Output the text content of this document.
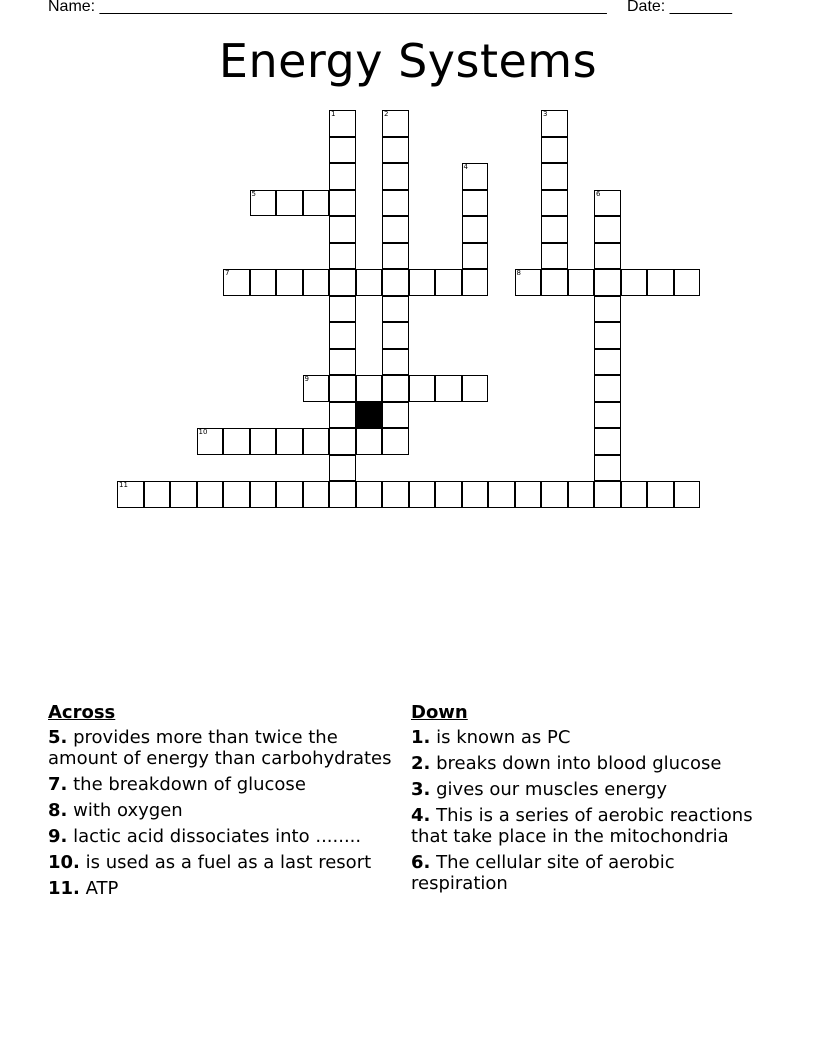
Name: _________________________________________________________ Date: _______
Energy Systems
1	2	3
4
6
5
7	8
9
10
11
Across
5. provides more than twice the amount of energy than carbohydrates
7. the breakdown of glucose
8. with oxygen
9. lactic acid dissociates into ........
10. is used as a fuel as a last resort
11. ATP
Down
1. is known as PC
2. breaks down into blood glucose
3. gives our muscles energy
4. This is a series of aerobic reactions that take place in the mitochondria
6. The cellular site of aerobic respiration
